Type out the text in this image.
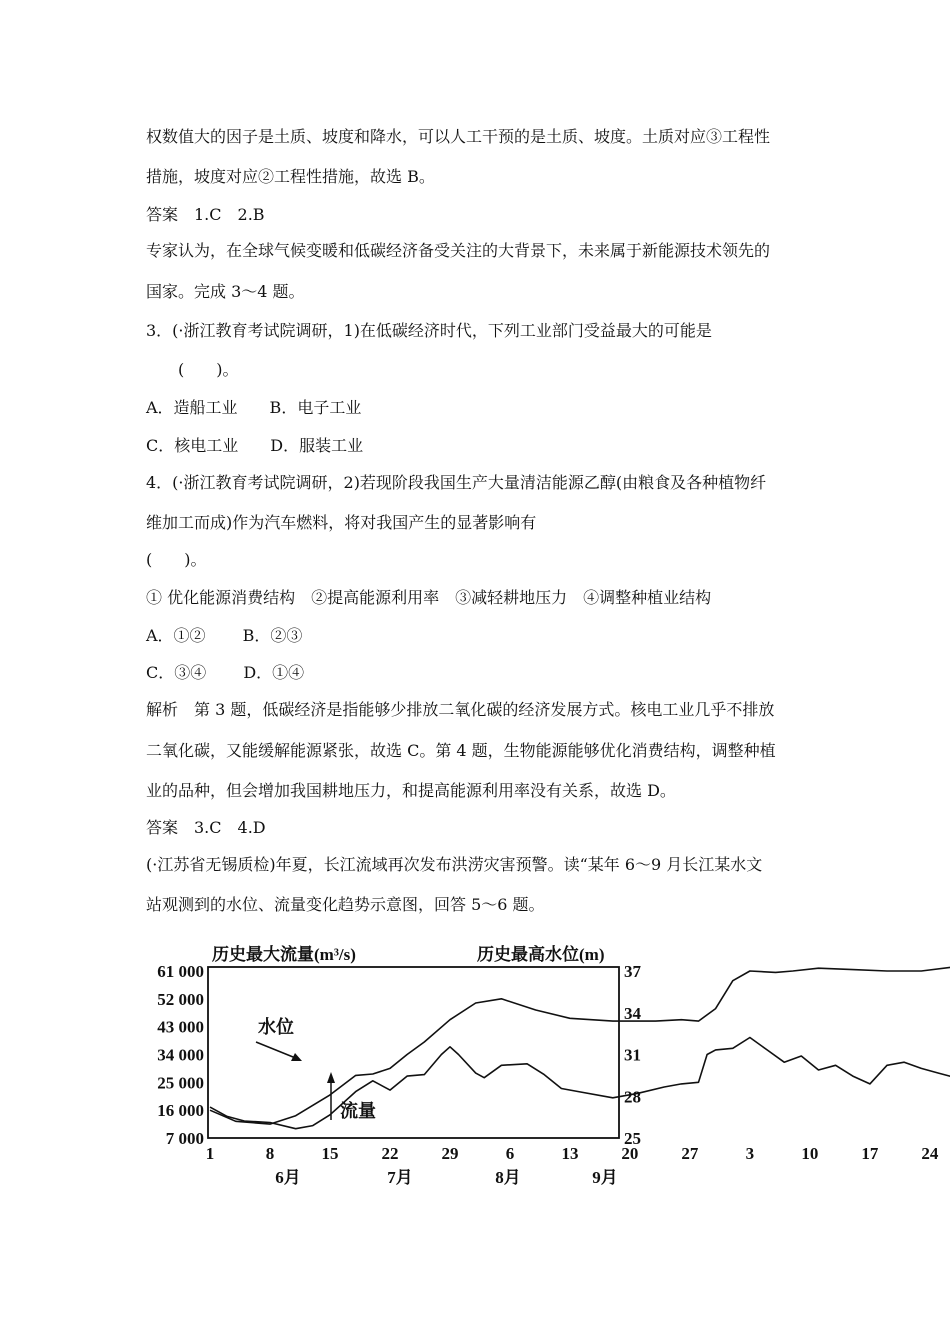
权数值大的因子是土质、坡度和降水，可以人工干预的是土质、坡度。土质对应③工程性
措施，坡度对应②工程性措施，故选 B。
答案　1.C　2.B
专家认为，在全球气候变暖和低碳经济备受关注的大背景下，未来属于新能源技术领先的
国家。完成 3～4 题。
3．(·浙江教育考试院调研，1)在低碳经济时代，下列工业部门受益最大的可能是
(　　)。
A．造船工业　　B．电子工业
C．核电工业　　D．服装工业
4．(·浙江教育考试院调研，2)若现阶段我国生产大量清洁能源乙醇(由粮食及各种植物纤
维加工而成)作为汽车燃料，将对我国产生的显著影响有
(　　)。
① 优化能源消费结构　②提高能源利用率　③减轻耕地压力　④调整种植业结构
A．①②　　 B．②③
C．③④　　 D．①④
解析　第 3 题，低碳经济是指能够少排放二氧化碳的经济发展方式。核电工业几乎不排放
二氧化碳，又能缓解能源紧张，故选 C。第 4 题，生物能源能够优化消费结构，调整种植
业的品种，但会增加我国耕地压力，和提高能源利用率没有关系，故选 D。
答案　3.C　4.D
(·江苏省无锡质检)年夏，长江流域再次发布洪涝灾害预警。读“某年 6～9 月长江某水文
站观测到的水位、流量变化趋势示意图，回答 5～6 题。
历史最大流量(m³/s)	历史最高水位(m)
61 000
52 000
43 000
34 000
25 000
16 000
7 000
37
34
31
28
25
1	8	15	22	29	6	13	20	27	3	10	17	24
6月	7月	8月	9月
水位
流量
